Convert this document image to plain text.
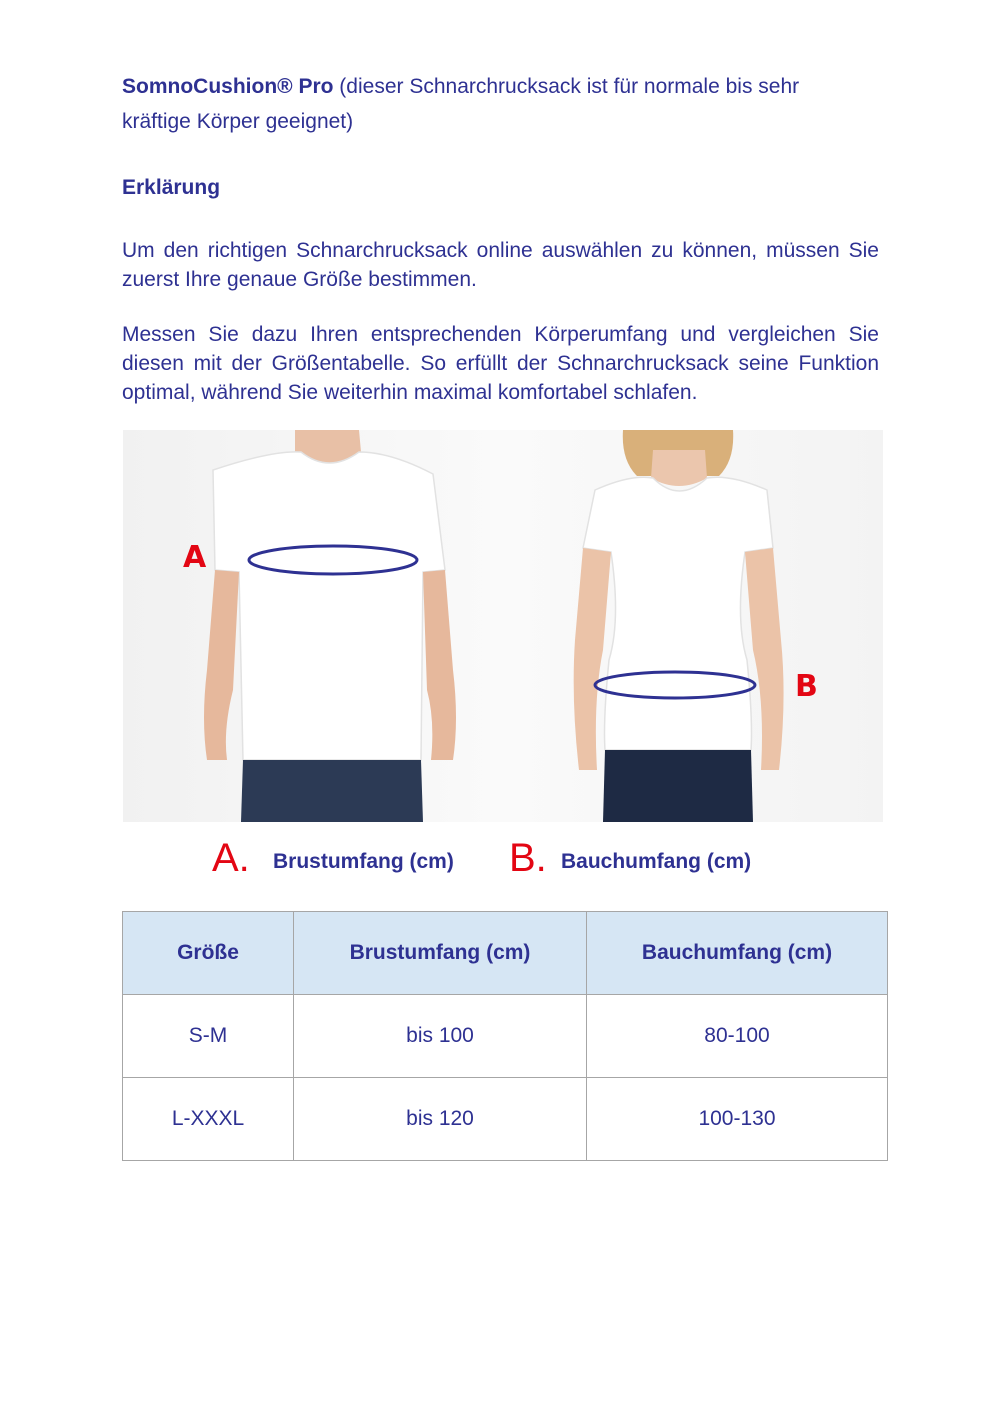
SomnoCushion® Pro (dieser Schnarchrucksack ist für normale bis sehr

kräftige Körper geeignet)

Erklärung

Um den richtigen Schnarchrucksack online auswählen zu können, müssen Sie zuerst Ihre genaue Größe bestimmen.

Messen Sie dazu Ihren entsprechenden Körperumfang und vergleichen Sie diesen mit der Größentabelle. So erfüllt der Schnarchrucksack seine Funktion optimal, während Sie weiterhin maximal komfortabel schlafen.

A
B
A. Brustumfang (cm) B. Bauchumfang (cm)
Größe	Brustumfang (cm)	Bauchumfang (cm)
S-M	bis 100	80-100
L-XXXL	bis 120	100-130
